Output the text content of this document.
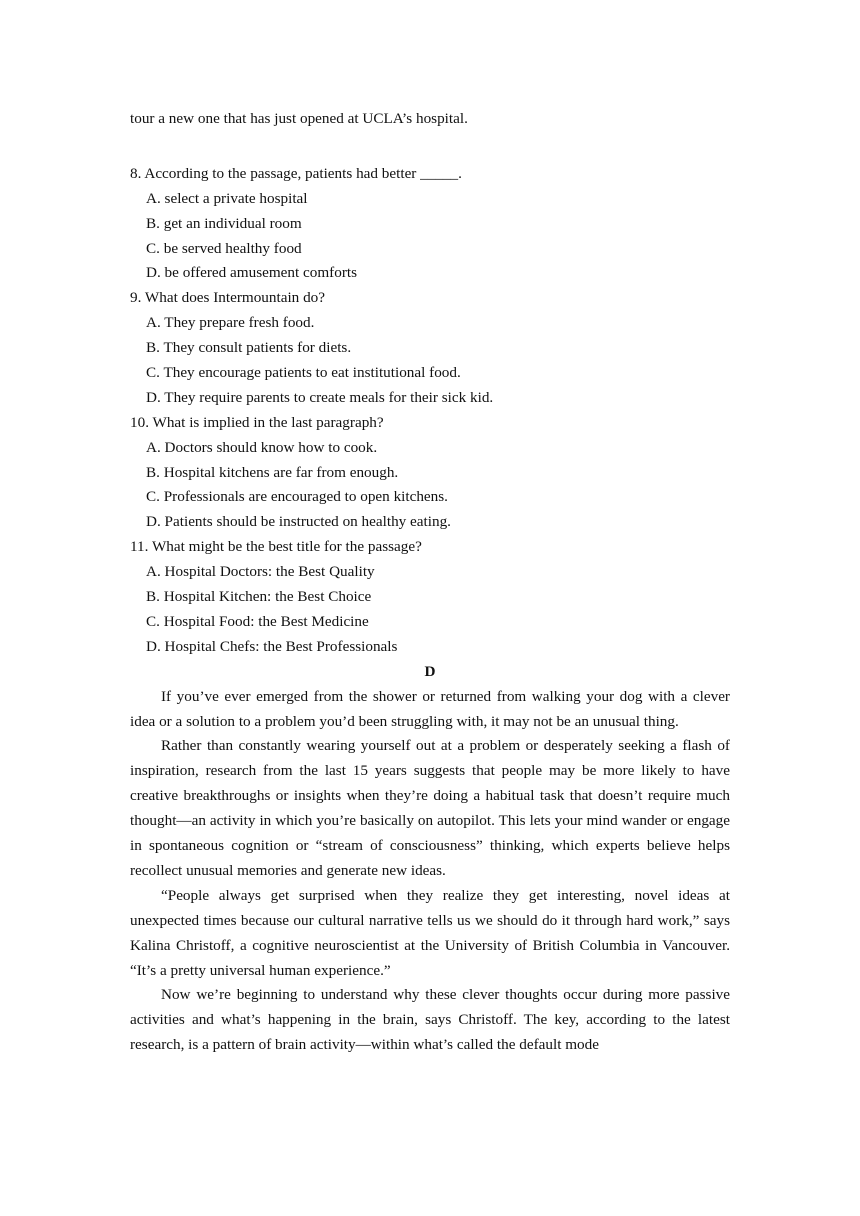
tour a new one that has just opened at UCLA’s hospital.
8. According to the passage, patients had better _____.
A. select a private hospital
B. get an individual room
C. be served healthy food
D. be offered amusement comforts
9. What does Intermountain do?
A. They prepare fresh food.
B. They consult patients for diets.
C. They encourage patients to eat institutional food.
D. They require parents to create meals for their sick kid.
10. What is implied in the last paragraph?
A. Doctors should know how to cook.
B. Hospital kitchens are far from enough.
C. Professionals are encouraged to open kitchens.
D. Patients should be instructed on healthy eating.
11. What might be the best title for the passage?
A. Hospital Doctors: the Best Quality
B. Hospital Kitchen: the Best Choice
C. Hospital Food: the Best Medicine
D. Hospital Chefs: the Best Professionals
D

If you’ve ever emerged from the shower or returned from walking your dog with a clever idea or a solution to a problem you’d been struggling with, it may not be an unusual thing.

Rather than constantly wearing yourself out at a problem or desperately seeking a flash of inspiration, research from the last 15 years suggests that people may be more likely to have creative breakthroughs or insights when they’re doing a habitual task that doesn’t require much thought—an activity in which you’re basically on autopilot. This lets your mind wander or engage in spontaneous cognition or “stream of consciousness” thinking, which experts believe helps recollect unusual memories and generate new ideas.

“People always get surprised when they realize they get interesting, novel ideas at unexpected times because our cultural narrative tells us we should do it through hard work,” says Kalina Christoff, a cognitive neuroscientist at the University of British Columbia in Vancouver. “It’s a pretty universal human experience.”

Now we’re beginning to understand why these clever thoughts occur during more passive activities and what’s happening in the brain, says Christoff. The key, according to the latest research, is a pattern of brain activity—within what’s called the default mode
